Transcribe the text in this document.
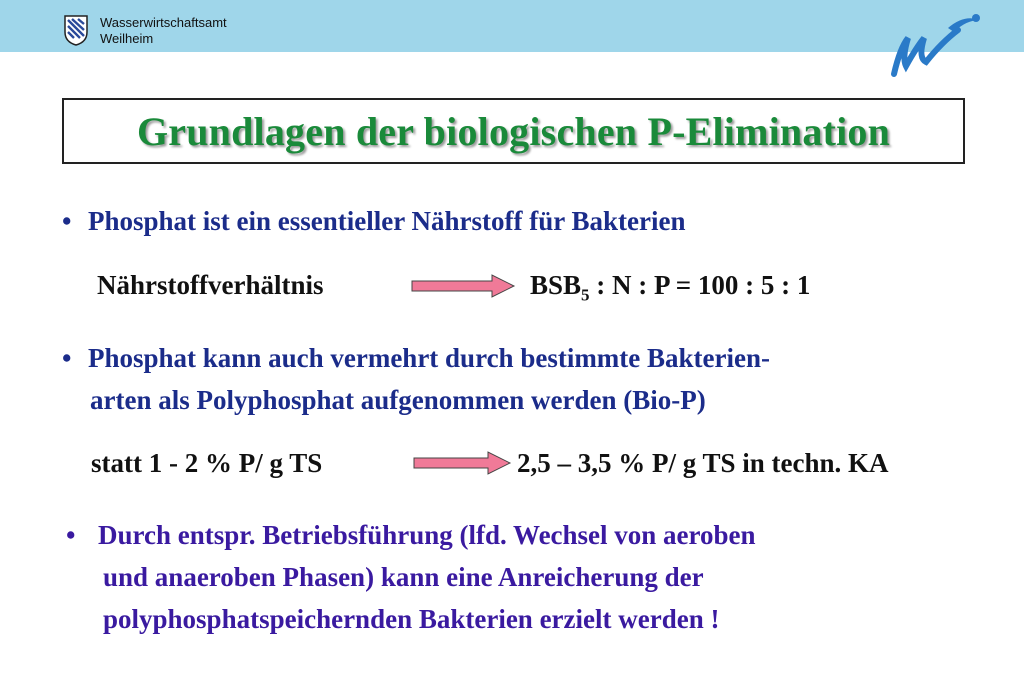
Wasserwirtschaftsamt
Weilheim
Grundlagen der biologischen P-Elimination
• Phosphat ist ein essentieller Nährstoff für Bakterien
Nährstoffverhältnis	$BSB_5$ : N : P = 100 : 5 : 1
• Phosphat kann auch vermehrt durch bestimmte Bakterien-
arten als Polyphosphat aufgenommen werden (Bio-P)
statt 1 - 2 % P/ g TS	2,5 – 3,5 % P/ g TS in techn. KA
• Durch entspr. Betriebsführung (lfd. Wechsel von aeroben
und anaeroben Phasen) kann eine Anreicherung der
polyphosphatspeichernden Bakterien erzielt werden !
